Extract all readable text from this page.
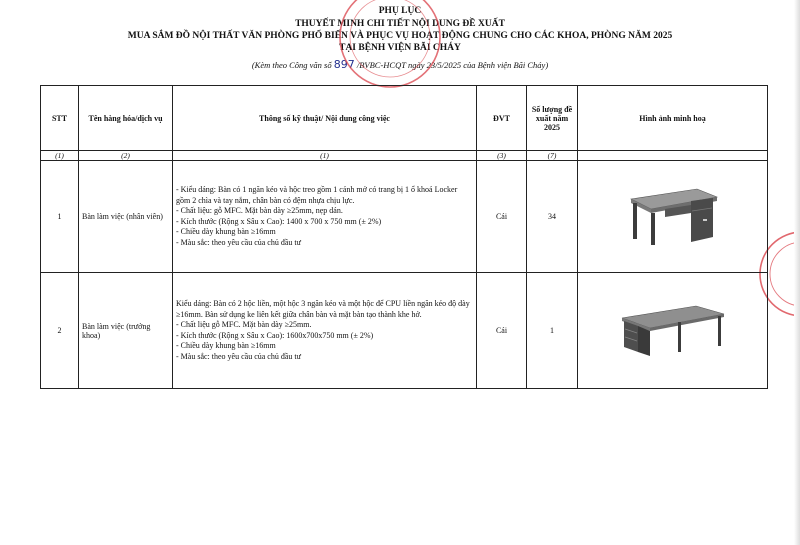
PHỤ LỤC
THUYẾT MINH CHI TIẾT NỘI DUNG ĐỀ XUẤT
MUA SẮM ĐỒ NỘI THẤT VĂN PHÒNG PHỔ BIẾN VÀ PHỤC VỤ HOẠT ĐỘNG CHUNG CHO CÁC KHOA, PHÒNG NĂM 2025
TẠI BỆNH VIỆN BÃI CHÁY
(Kèm theo Công văn số 897 /BVBC-HCQT ngày 23/5/2025 của Bệnh viện Bãi Cháy)
STT	Tên hàng hóa/dịch vụ	Thông số kỹ thuật/ Nội dung công việc	ĐVT	Số lượng đề xuất năm 2025	Hình ảnh minh hoạ
(1)	(2)	(1)	(3)	(7)	
1	Bàn làm việc (nhân viên)	- Kiểu dáng: Bàn có 1 ngăn kéo và hộc treo gồm 1 cánh mở có trang bị 1 ổ khoá Locker gồm 2 chìa và tay nắm, chân bàn có đệm nhựa chịu lực.
- Chất liệu: gỗ MFC. Mặt bàn dày ≥25mm, nẹp dán.
- Kích thước (Rộng x Sâu x Cao): 1400 x 700 x 750 mm (± 2%)
- Chiều dày khung bàn ≥16mm
- Màu sắc: theo yêu cầu của chủ đầu tư	Cái	34	
2	Bàn làm việc (trưởng khoa)	Kiểu dáng: Bàn có 2 hộc liền, một hộc 3 ngăn kéo và một hộc để CPU liền ngăn kéo độ dày ≥16mm. Bàn sử dụng ke liên kết giữa chân bàn và mặt bàn tạo thành khe hở.
- Chất liệu gỗ MFC. Mặt bàn dày ≥25mm.
- Kích thước (Rộng x Sâu x Cao): 1600x700x750 mm (± 2%)
- Chiều dày khung bàn ≥16mm
- Màu sắc: theo yêu cầu của chủ đầu tư	Cái	1	
